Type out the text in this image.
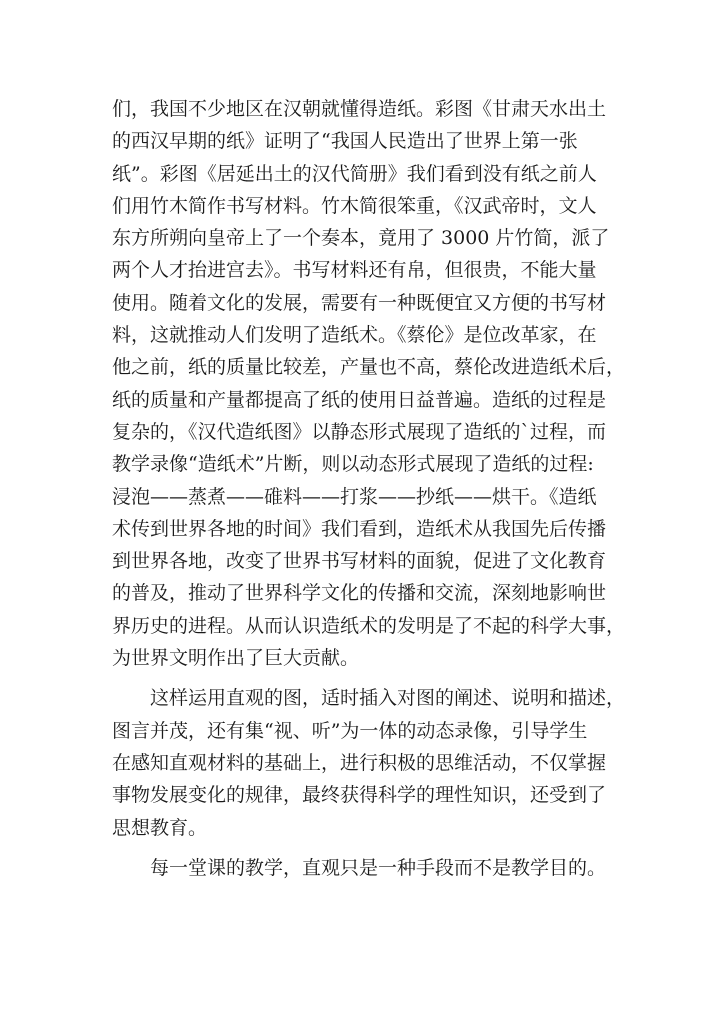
们，我国不少地区在汉朝就懂得造纸。彩图《甘肃天水出土
的西汉早期的纸》证明了“我国人民造出了世界上第一张
纸”。彩图《居延出土的汉代简册》我们看到没有纸之前人
们用竹木简作书写材料。竹木简很笨重，《汉武帝时，文人
东方所朔向皇帝上了一个奏本，竟用了 3000 片竹简，派了
两个人才抬进宫去》。书写材料还有帛，但很贵，不能大量
使用。随着文化的发展，需要有一种既便宜又方便的书写材
料，这就推动人们发明了造纸术。《蔡伦》是位改革家，在
他之前，纸的质量比较差，产量也不高，蔡伦改进造纸术后，
纸的质量和产量都提高了纸的使用日益普遍。造纸的过程是
复杂的，《汉代造纸图》以静态形式展现了造纸的`过程，而
教学录像“造纸术”片断，则以动态形式展现了造纸的过程:
浸泡——蒸煮——碓料——打浆——抄纸——烘干。《造纸
术传到世界各地的时间》我们看到，造纸术从我国先后传播
到世界各地，改变了世界书写材料的面貌，促进了文化教育
的普及，推动了世界科学文化的传播和交流，深刻地影响世
界历史的进程。从而认识造纸术的发明是了不起的科学大事，
为世界文明作出了巨大贡献。
这样运用直观的图，适时插入对图的阐述、说明和描述，
图言并茂，还有集“视、听”为一体的动态录像，引导学生
在感知直观材料的基础上，进行积极的思维活动，不仅掌握
事物发展变化的规律，最终获得科学的理性知识，还受到了
思想教育。
每一堂课的教学，直观只是一种手段而不是教学目的。
